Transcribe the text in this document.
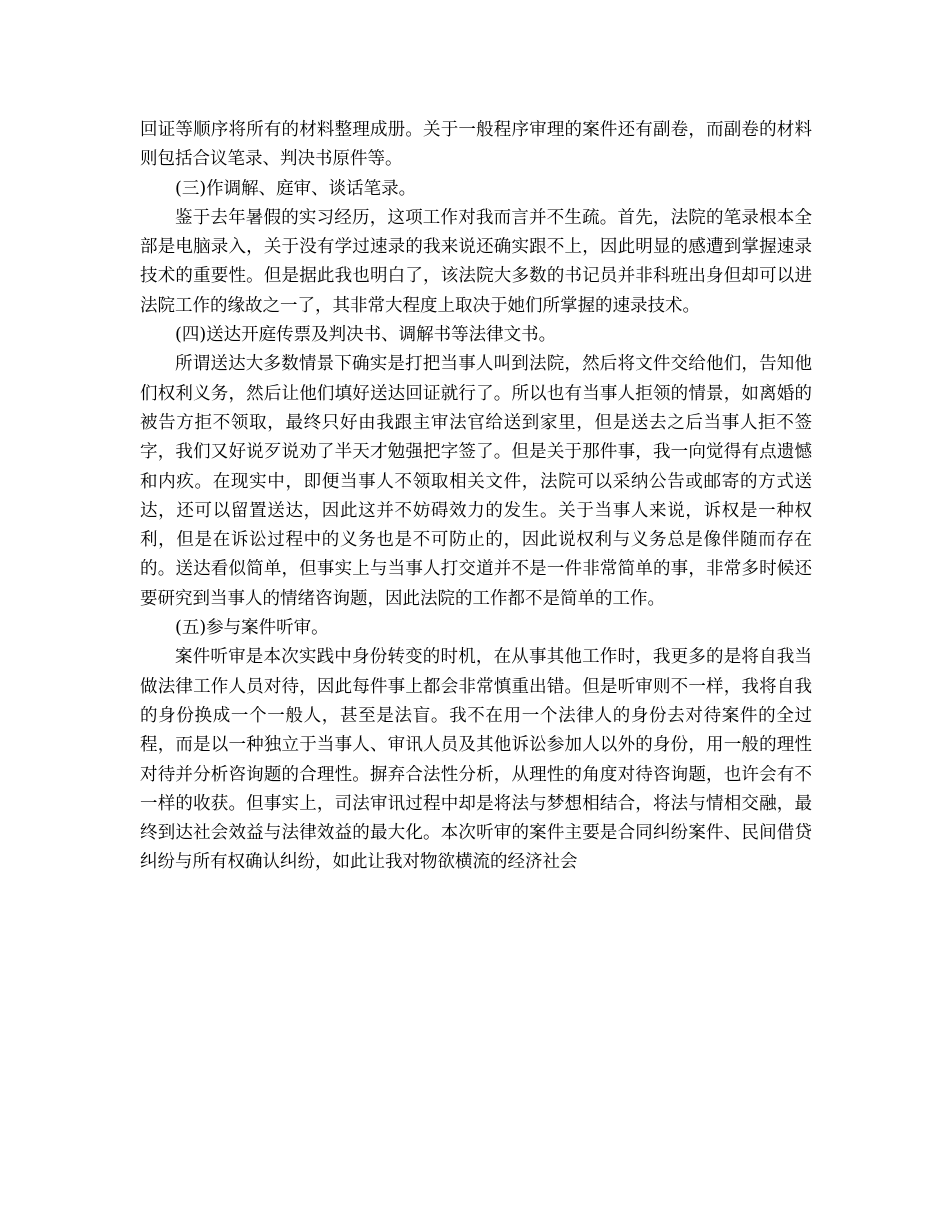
回证等顺序将所有的材料整理成册。关于一般程序审理的案件还有副卷，而副卷的材料则包括合议笔录、判决书原件等。

(三)作调解、庭审、谈话笔录。

鉴于去年暑假的实习经历，这项工作对我而言并不生疏。首先，法院的笔录根本全部是电脑录入，关于没有学过速录的我来说还确实跟不上，因此明显的感遭到掌握速录技术的重要性。但是据此我也明白了，该法院大多数的书记员并非科班出身但却可以进法院工作的缘故之一了，其非常大程度上取决于她们所掌握的速录技术。

(四)送达开庭传票及判决书、调解书等法律文书。

所谓送达大多数情景下确实是打把当事人叫到法院，然后将文件交给他们，告知他们权利义务，然后让他们填好送达回证就行了。所以也有当事人拒领的情景，如离婚的被告方拒不领取，最终只好由我跟主审法官给送到家里，但是送去之后当事人拒不签字，我们又好说歹说劝了半天才勉强把字签了。但是关于那件事，我一向觉得有点遗憾和内疚。在现实中，即便当事人不领取相关文件，法院可以采纳公告或邮寄的方式送达，还可以留置送达，因此这并不妨碍效力的发生。关于当事人来说，诉权是一种权利，但是在诉讼过程中的义务也是不可防止的，因此说权利与义务总是像伴随而存在的。送达看似简单，但事实上与当事人打交道并不是一件非常简单的事，非常多时候还要研究到当事人的情绪咨询题，因此法院的工作都不是简单的工作。

(五)参与案件听审。

案件听审是本次实践中身份转变的时机，在从事其他工作时，我更多的是将自我当做法律工作人员对待，因此每件事上都会非常慎重出错。但是听审则不一样，我将自我的身份换成一个一般人，甚至是法盲。我不在用一个法律人的身份去对待案件的全过程，而是以一种独立于当事人、审讯人员及其他诉讼参加人以外的身份，用一般的理性对待并分析咨询题的合理性。摒弃合法性分析，从理性的角度对待咨询题，也许会有不一样的收获。但事实上，司法审讯过程中却是将法与梦想相结合，将法与情相交融，最终到达社会效益与法律效益的最大化。本次听审的案件主要是合同纠纷案件、民间借贷纠纷与所有权确认纠纷，如此让我对物欲横流的经济社会
